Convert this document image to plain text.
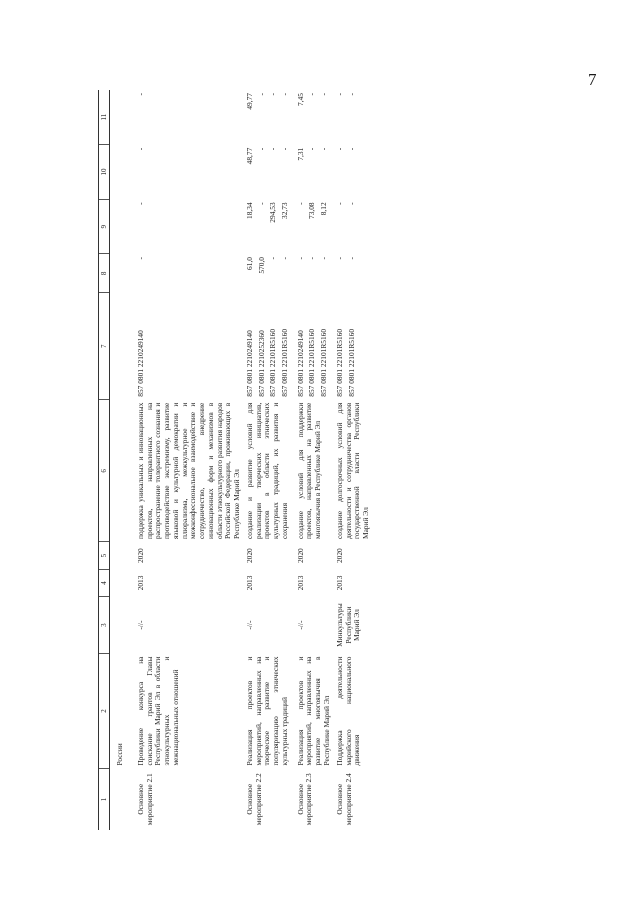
7
1	2	3	4	5	6	7	8	9	10	11
	России									
Основное мероприятие 2.1	Проведение конкурса на соискание грантов Главы Республики Марий Эл в области этнокультурных и межнациональных отношений	-//-	2013	2020	поддержка уникальных и инновационных проектов, направленных на распространение толерантного сознания и противодействие экстремизму, развитие языковой и культурной демократии и плюрализма, межкультурное и межконфессиональное взаимодействие и сотрудничество, внедрение инновационных форм и механизмов в области этнокультурного развития народов Российской Федерации, проживающих в Республике Марий Эл	857 0801 2210249140	-	-	-	-

Основное мероприятие 2.2	Реализация проектов и мероприятий, направленных на творческое развитие и популяризацию этнических культурных традиций	-//-	2013	2020	создание и развитие условий для реализации творческих инициатив, проектов в области этнических культурных традиций, их развития и сохранения	857 0801 2210249140 857 0801 2210252360 857 0801 22101R5160 857 0801 22101R5160	61,0 570,0 - -	18,34 - 294,53 32,73	48,77 - - -	49,77 - - -

Основное мероприятие 2.3	Реализация проектов и мероприятий, направленных на развитие многоязычия в Республике Марий Эл	-//-	2013	2020	создание условий для поддержки проектов, направленных на развитие многоязычия в Республике Марий Эл	857 0801 2210249140 857 0801 22101R5160 857 0801 22101R5160	- - -	- 73,08 8,12	7,31 - -	7,45 - -

Основное мероприятие 2.4	Поддержка деятельности марийского национального движения	Минкультуры Республики Марий Эл	2013	2020	создание долгосрочных условий для деятельности и сотрудничества органов государственной власти Республики Марий Эл	857 0801 22101R5160 857 0801 22101R5160	- -	- -	- -	- -
